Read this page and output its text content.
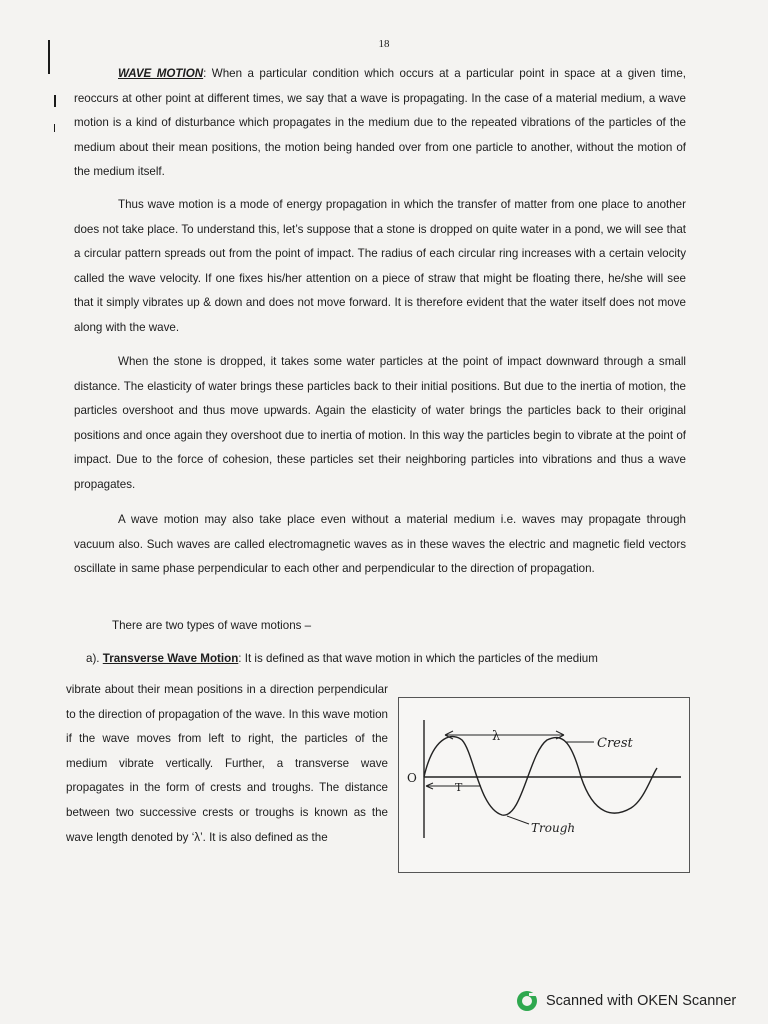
18

WAVE MOTION: When a particular condition which occurs at a particular point in space at a given time, reoccurs at other point at different times, we say that a wave is propagating. In the case of a material medium, a wave motion is a kind of disturbance which propagates in the medium due to the repeated vibrations of the particles of the medium about their mean positions, the motion being handed over from one particle to another, without the motion of the medium itself.

Thus wave motion is a mode of energy propagation in which the transfer of matter from one place to another does not take place. To understand this, let’s suppose that a stone is dropped on quite water in a pond, we will see that a circular pattern spreads out from the point of impact. The radius of each circular ring increases with a certain velocity called the wave velocity. If one fixes his/her attention on a piece of straw that might be floating there, he/she will see that it simply vibrates up & down and does not move forward. It is therefore evident that the water itself does not move along with the wave.

When the stone is dropped, it takes some water particles at the point of impact downward through a small distance. The elasticity of water brings these particles back to their initial positions. But due to the inertia of motion, the particles overshoot and thus move upwards. Again the elasticity of water brings the particles back to their original positions and once again they overshoot due to inertia of motion. In this way the particles begin to vibrate at the point of impact. Due to the force of cohesion, these particles set their neighboring particles into vibrations and thus a wave propagates.

A wave motion may also take place even without a material medium i.e. waves may propagate through vacuum also. Such waves are called electromagnetic waves as in these waves the electric and magnetic field vectors oscillate in same phase perpendicular to each other and perpendicular to the direction of propagation.

There are two types of wave motions –
a). Transverse Wave Motion: It is defined as that wave motion in which the particles of the medium
vibrate about their mean positions in a direction perpendicular to the direction of propagation of the wave. In this wave motion if the wave moves from left to right, the particles of the medium vibrate vertically. Further, a transverse wave propagates in the form of crests and troughs. The distance between two successive crests or troughs is known as the wave length denoted by ‘λ’. It is also defined as the
λ	Crest
T
O
Trough
Scanned with OKEN Scanner
